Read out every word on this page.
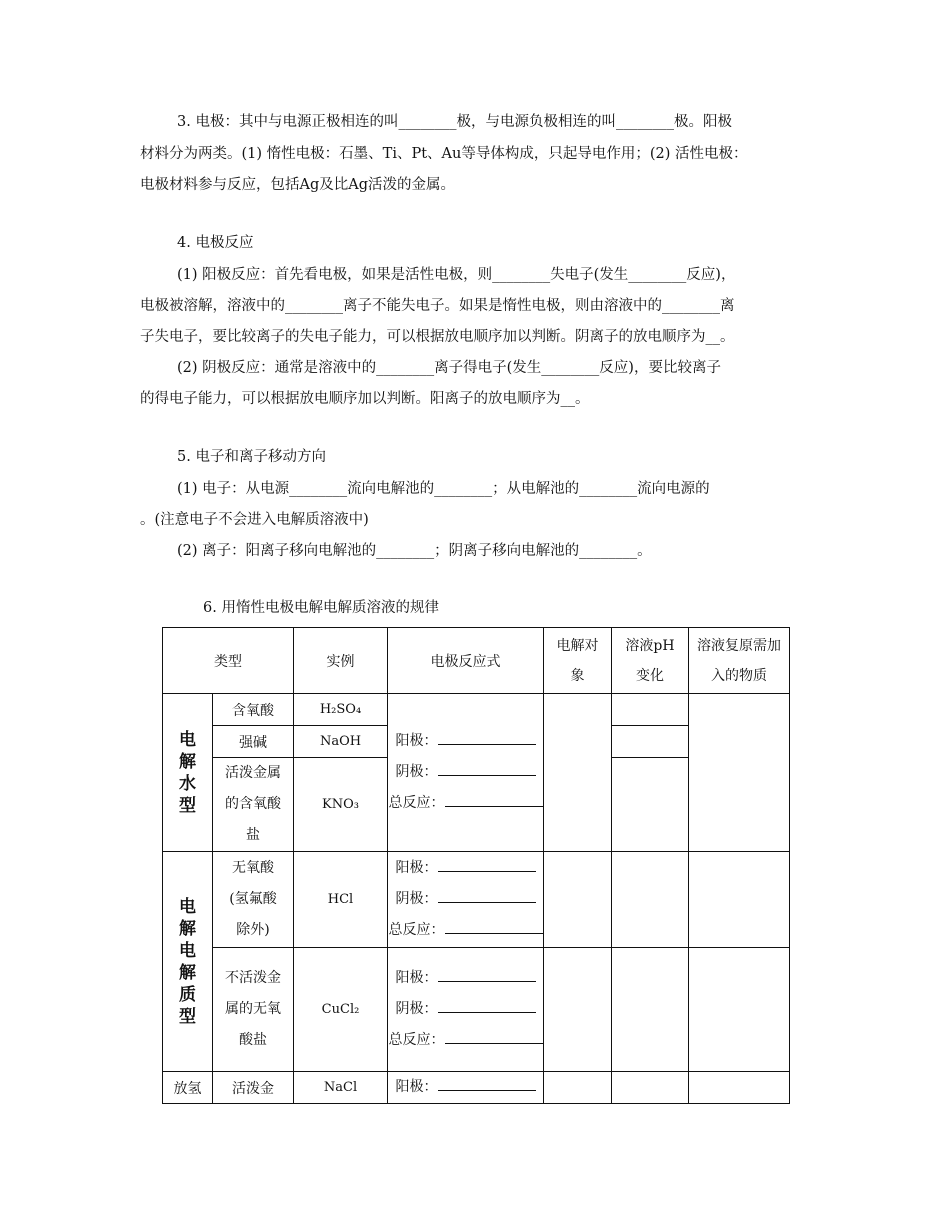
3. 电极：其中与电源正极相连的叫________极，与电源负极相连的叫________极。阳极
材料分为两类。(1) 惰性电极：石墨、Ti、Pt、Au等导体构成，只起导电作用；(2) 活性电极：
电极材料参与反应，包括Ag及比Ag活泼的金属。
4. 电极反应
(1) 阳极反应：首先看电极，如果是活性电极，则________失电子(发生________反应)，
电极被溶解，溶液中的________离子不能失电子。如果是惰性电极，则由溶液中的________离
子失电子，要比较离子的失电子能力，可以根据放电顺序加以判断。阴离子的放电顺序为__。
(2) 阴极反应：通常是溶液中的________离子得电子(发生________反应)，要比较离子
的得电子能力，可以根据放电顺序加以判断。阳离子的放电顺序为__。
5. 电子和离子移动方向
(1) 电子：从电源________流向电解池的________；从电解池的________流向电源的
。(注意电子不会进入电解质溶液中)
(2) 离子：阳离子移向电解池的________；阴离子移向电解池的________。
6. 用惰性电极电解电解质溶液的规律
类型		实例	电极反应式	电解对象	溶液pH变化	溶液复原需加入的物质

电解水型	含氧酸	H₂SO₄	阳极：
阴极：
总反应：			

	强碱	NaOH				
	活泼金属的含氧酸盐	KNO₃				

电解电解质型	无氧酸(氢氟酸除外)	HCl	阳极：
阴极：
总反应：			

	不活泼金属的无氧酸盐	CuCl₂	阳极：
阴极：
总反应：			

放氢	活泼金	NaCl	阳极：			
